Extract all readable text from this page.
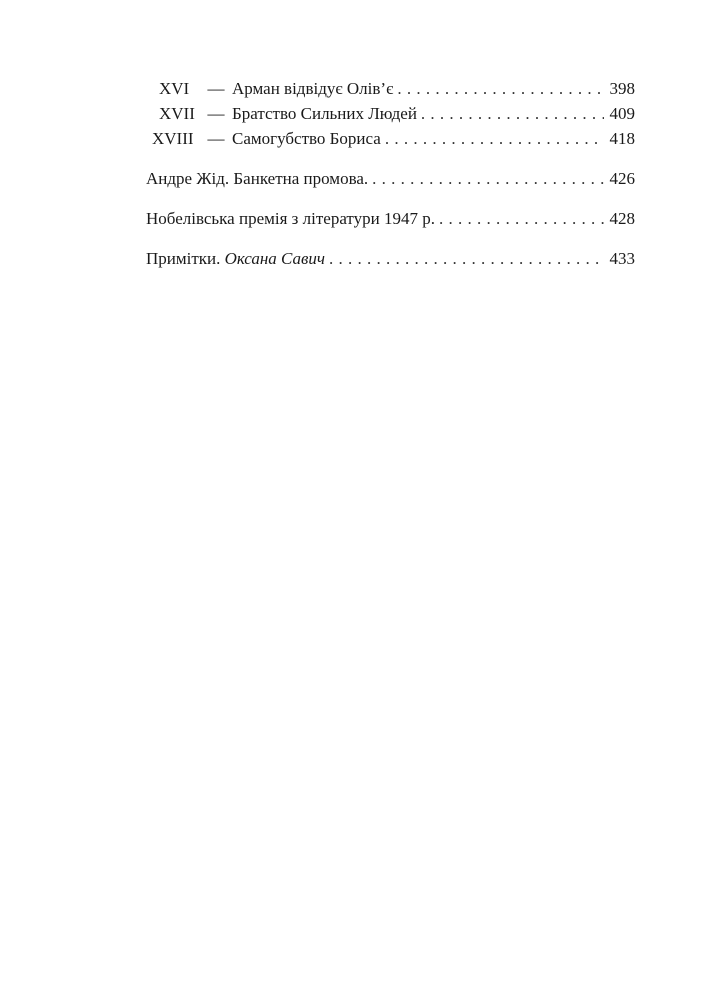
XVI	— Арман відвідує Олів’є . . .	398
XVII — Братство Сильних Людей . . .	409
XVIII — Самогубство Бориса . . .	418
Андре Жід. Банкетна промова. . . .	426
Нобелівська премія з літератури 1947 р. . . .	428
Примітки. Оксана Савич . . .	433
